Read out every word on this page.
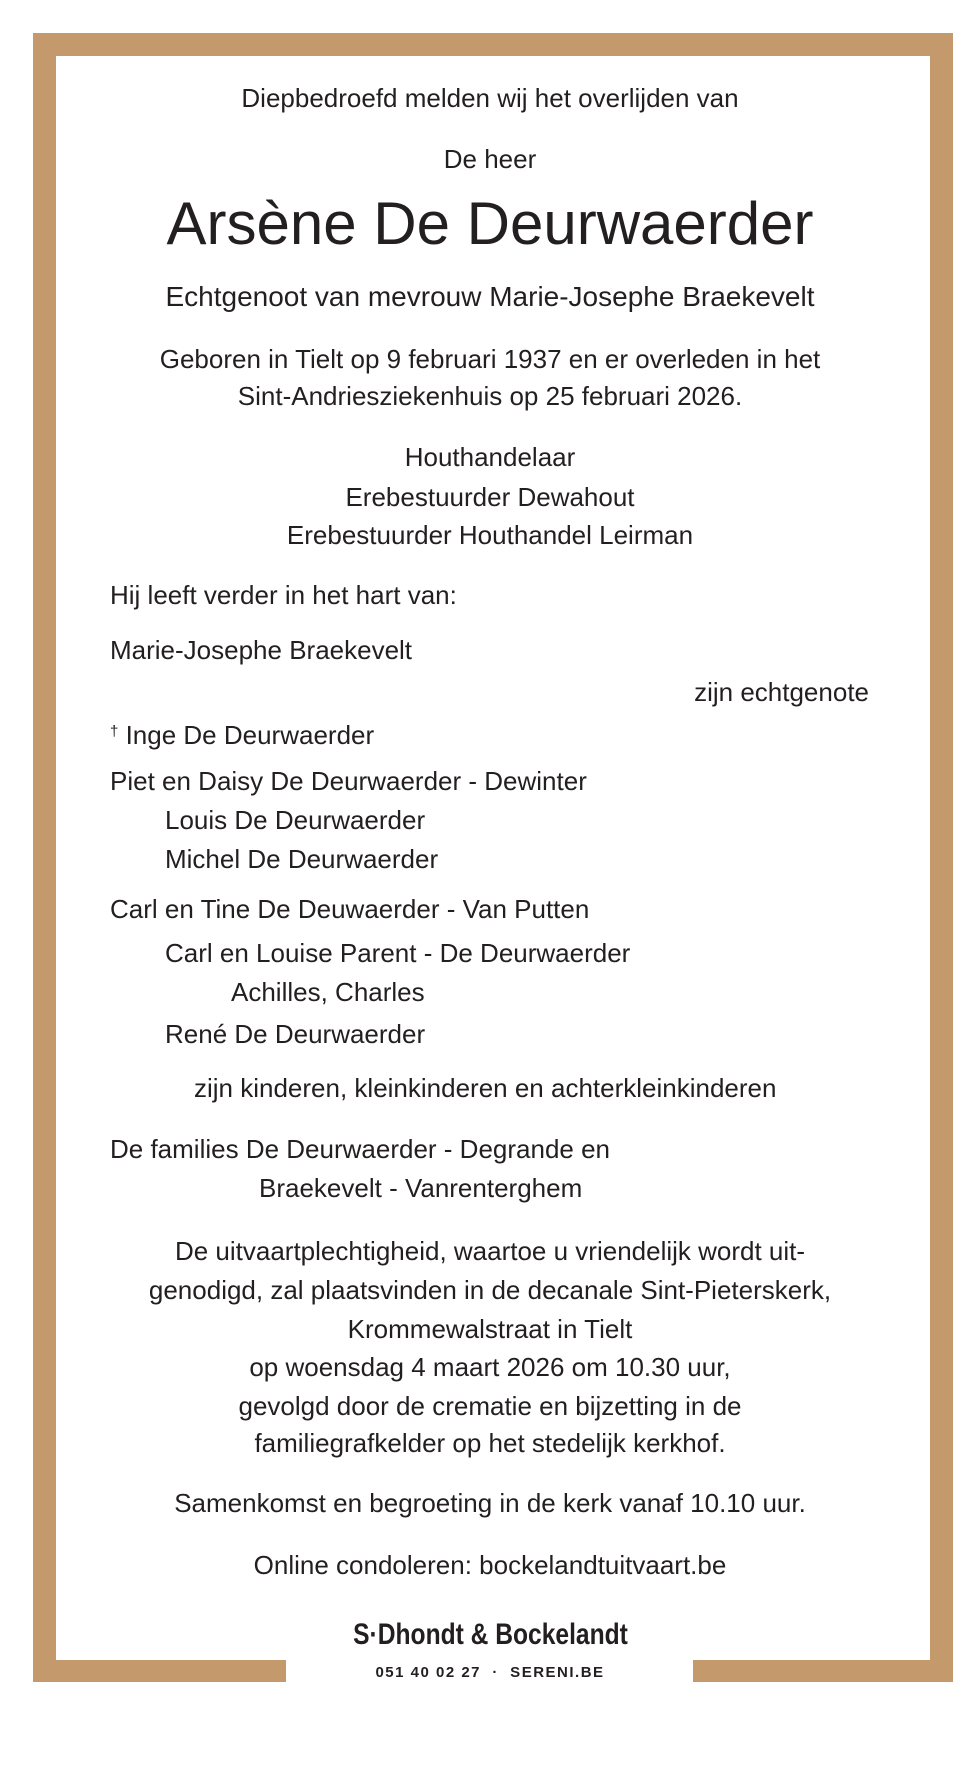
Diepbedroefd melden wij het overlijden van
De heer
Arsène De Deurwaerder
Echtgenoot van mevrouw Marie-Josephe Braekevelt
Geboren in Tielt op 9 februari 1937 en er overleden in het
Sint-Andriesziekenhuis op 25 februari 2026.
Houthandelaar
Erebestuurder Dewahout
Erebestuurder Houthandel Leirman
Hij leeft verder in het hart van:
Marie-Josephe Braekevelt
zijn echtgenote
† Inge De Deurwaerder
Piet en Daisy De Deurwaerder - Dewinter
Louis De Deurwaerder
Michel De Deurwaerder
Carl en Tine De Deuwaerder - Van Putten
Carl en Louise Parent - De Deurwaerder
Achilles, Charles
René De Deurwaerder
zijn kinderen, kleinkinderen en achterkleinkinderen
De families De Deurwaerder - Degrande en
Braekevelt - Vanrenterghem
De uitvaartplechtigheid, waartoe u vriendelijk wordt uit-
genodigd, zal plaatsvinden in de decanale Sint-Pieterskerk,
Krommewalstraat in Tielt
op woensdag 4 maart 2026 om 10.30 uur,
gevolgd door de crematie en bijzetting in de
familiegrafkelder op het stedelijk kerkhof.
Samenkomst en begroeting in de kerk vanaf 10.10 uur.
Online condoleren: bockelandtuitvaart.be
S·Dhondt & Bockelandt
051 40 02 27  ·  SERENI.BE
